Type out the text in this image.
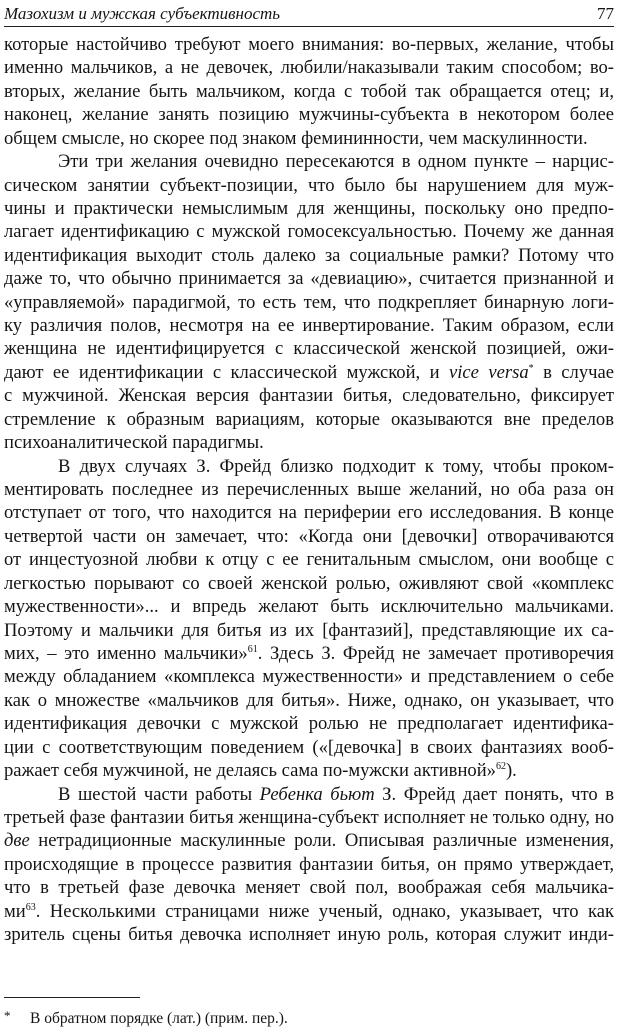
Мазохизм и мужская субъективность	77
которые настойчиво требуют моего внимания: во-первых, желание, чтобы
именно мальчиков, а не девочек, любили/наказывали таким способом; во-
вторых, желание быть мальчиком, когда с тобой так обращается отец; и,
наконец, желание занять позицию мужчины-субъекта в некотором более
общем смысле, но скорее под знаком фемининности, чем маскулинности.
Эти три желания очевидно пересекаются в одном пункте – нарцис-
сическом занятии субъект-позиции, что было бы нарушением для муж-
чины и практически немыслимым для женщины, поскольку оно предпо-
лагает идентификацию с мужской гомосексуальностью. Почему же данная
идентификация выходит столь далеко за социальные рамки? Потому что
даже то, что обычно принимается за «девиацию», считается признанной и
«управляемой» парадигмой, то есть тем, что подкрепляет бинарную логи-
ку различия полов, несмотря на ее инвертирование. Таким образом, если
женщина не идентифицируется с классической женской позицией, ожи-
дают ее идентификации с классической мужской, и vice versa* в случае
с мужчиной. Женская версия фантазии битья, следовательно, фиксирует
стремление к образным вариациям, которые оказываются вне пределов
психоаналитической парадигмы.
В двух случаях З. Фрейд близко подходит к тому, чтобы проком-
ментировать последнее из перечисленных выше желаний, но оба раза он
отступает от того, что находится на периферии его исследования. В конце
четвертой части он замечает, что: «Когда они [девочки] отворачиваются
от инцестуозной любви к отцу с ее генитальным смыслом, они вообще с
легкостью порывают со своей женской ролью, оживляют свой «комплекс
мужественности»... и впредь желают быть исключительно мальчиками.
Поэтому и мальчики для битья из их [фантазий], представляющие их са-
мих, – это именно мальчики»$^{61}$. Здесь З. Фрейд не замечает противоречия
между обладанием «комплекса мужественности» и представлением о себе
как о множестве «мальчиков для битья». Ниже, однако, он указывает, что
идентификация девочки с мужской ролью не предполагает идентифика-
ции с соответствующим поведением («[девочка] в своих фантазиях вооб-
ражает себя мужчиной, не делаясь сама по-мужски активной»$^{62}$).
В шестой части работы Ребенка бьют З. Фрейд дает понять, что в
третьей фазе фантазии битья женщина-субъект исполняет не только одну, но
две нетрадиционные маскулинные роли. Описывая различные изменения,
происходящие в процессе развития фантазии битья, он прямо утверждает,
что в третьей фазе девочка меняет свой пол, воображая себя мальчика-
$ми^{63}$. Несколькими страницами ниже ученый, однако, указывает, что как
зритель сцены битья девочка исполняет иную роль, которая служит инди-
* В обратном порядке (лат.) (прим. пер.).
